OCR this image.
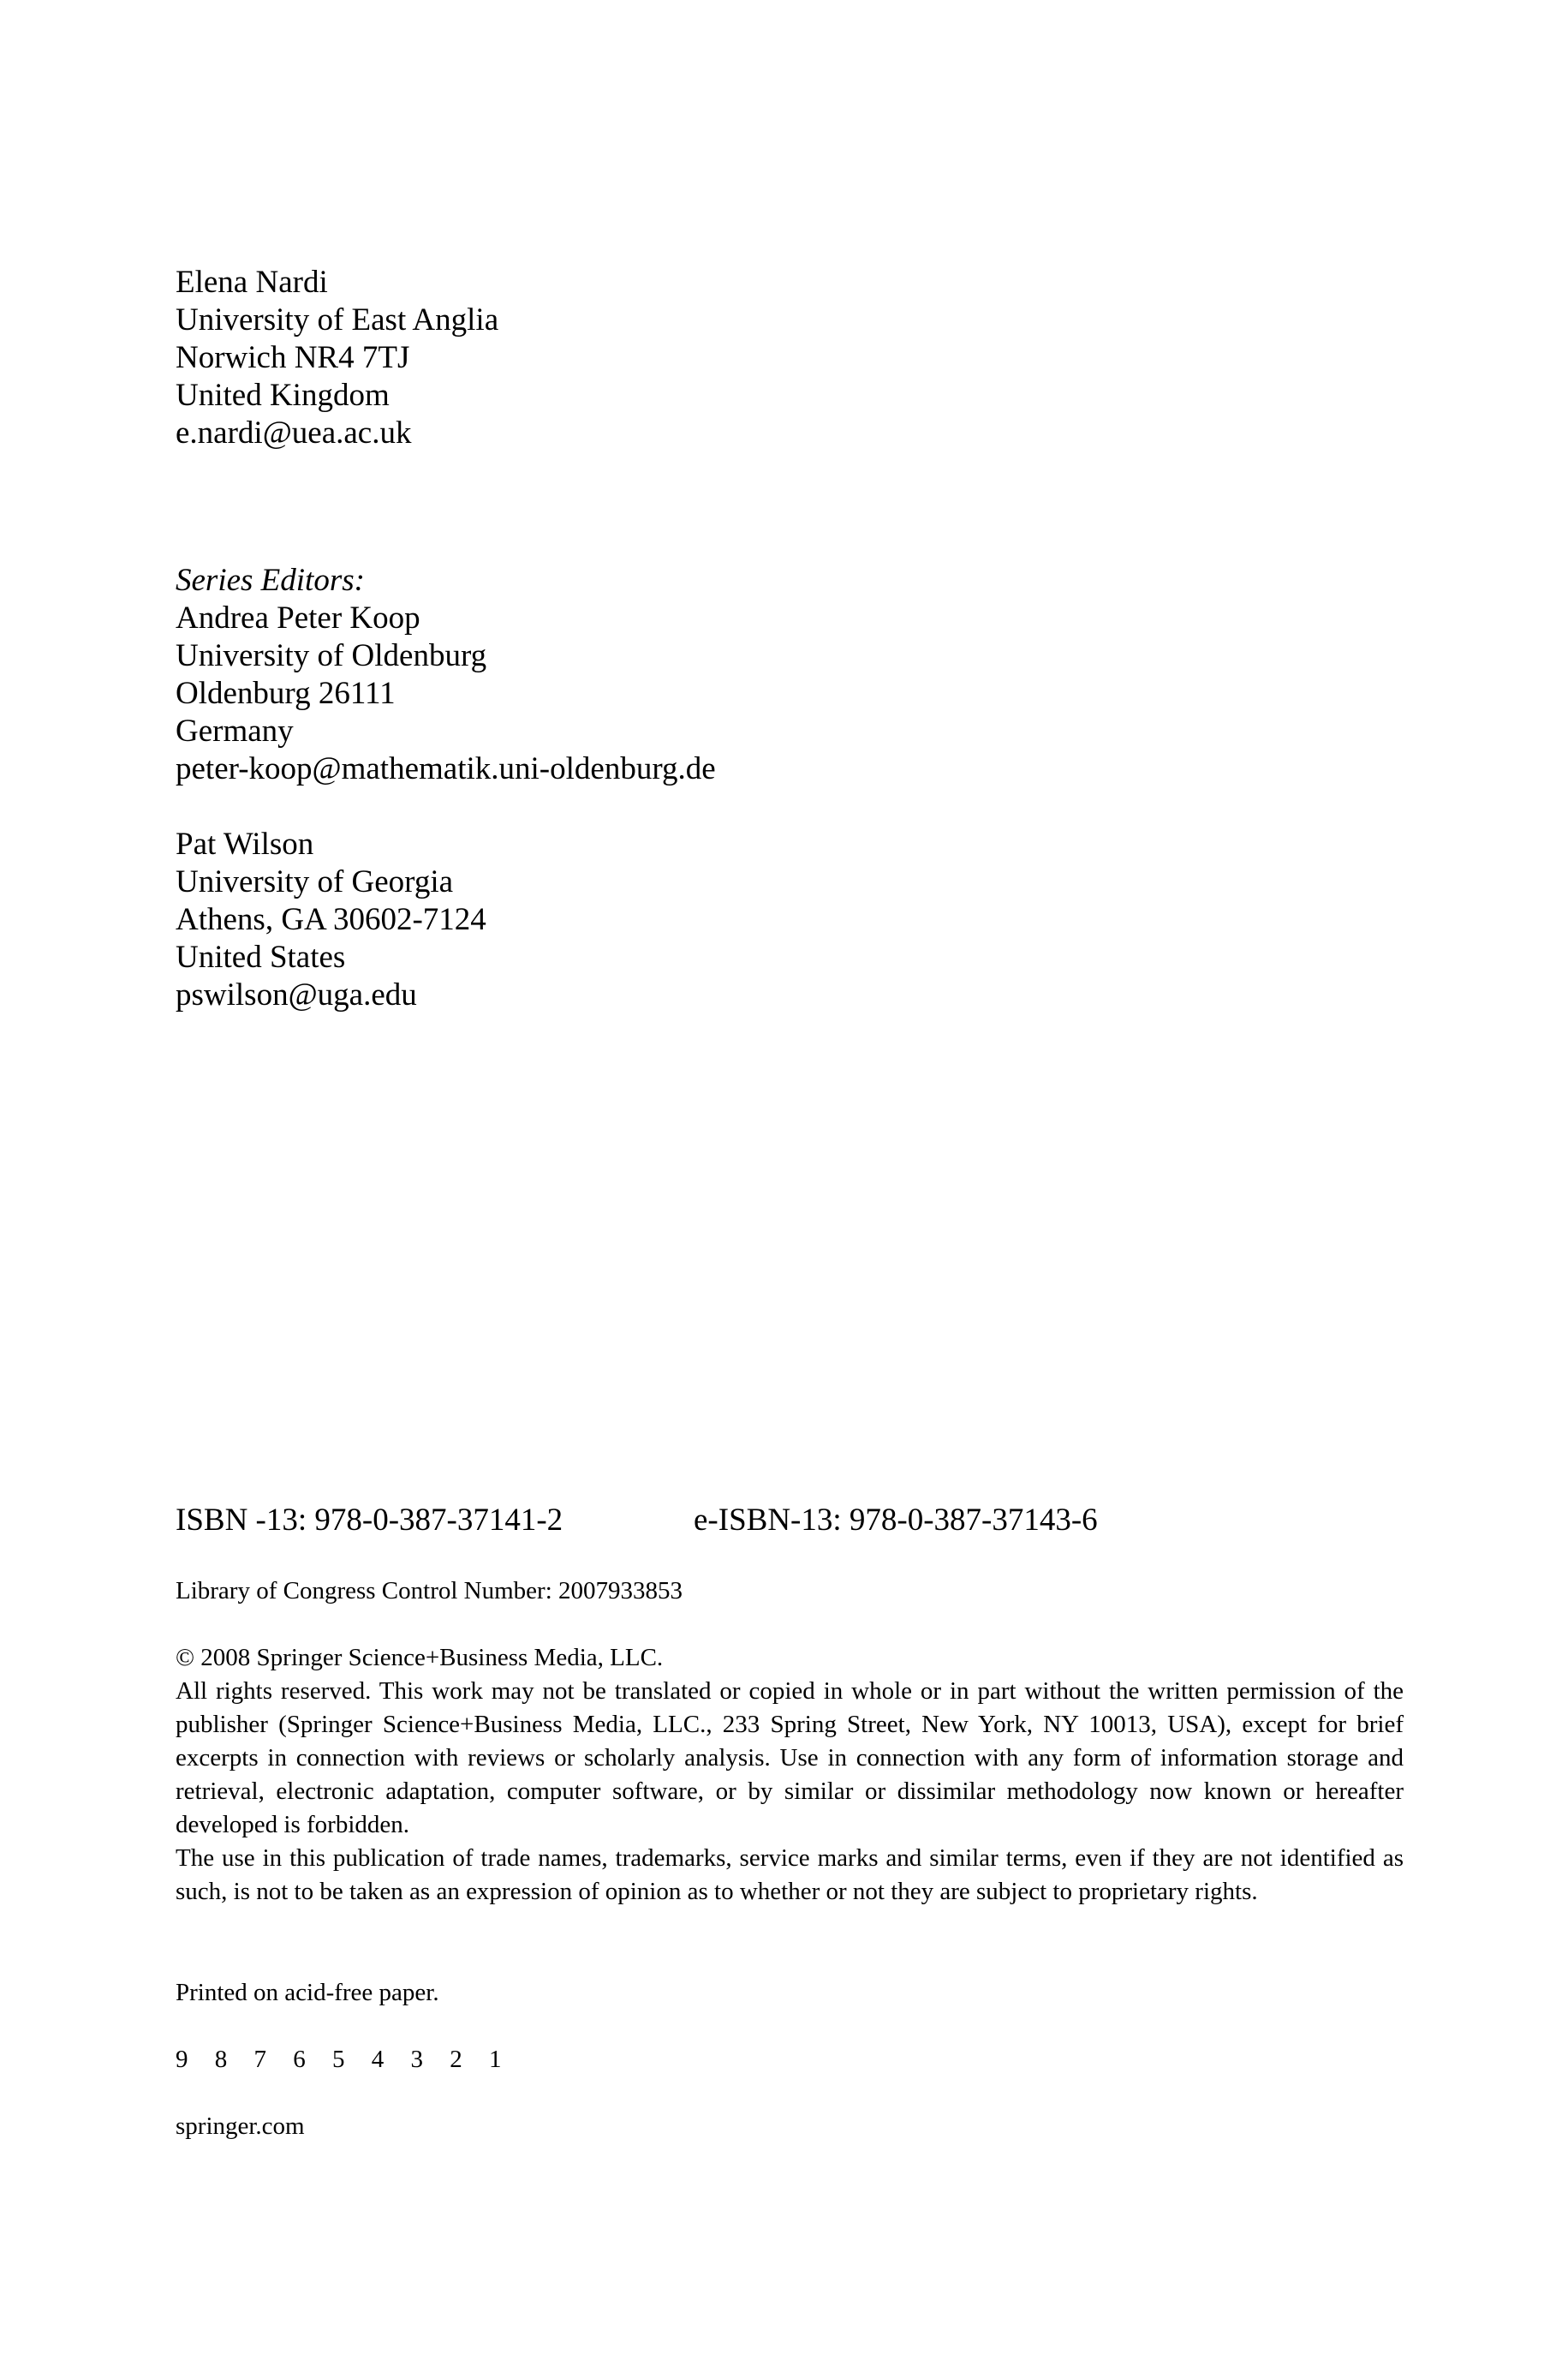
Elena Nardi
University of East Anglia
Norwich NR4 7TJ
United Kingdom
e.nardi@uea.ac.uk
Series Editors:
Andrea Peter Koop
University of Oldenburg
Oldenburg 26111
Germany
peter-koop@mathematik.uni-oldenburg.de
Pat Wilson
University of Georgia
Athens, GA 30602-7124
United States
pswilson@uga.edu
ISBN -13: 978-0-387-37141-2	e-ISBN-13: 978-0-387-37143-6
Library of Congress Control Number: 2007933853

© 2008 Springer Science+Business Media, LLC.

All rights reserved. This work may not be translated or copied in whole or in part without the written permission of the publisher (Springer Science+Business Media, LLC., 233 Spring Street, New York, NY 10013, USA), except for brief excerpts in connection with reviews or scholarly analysis. Use in connection with any form of information storage and retrieval, electronic adaptation, computer software, or by similar or dissimilar methodology now known or hereafter developed is forbidden.

The use in this publication of trade names, trademarks, service marks and similar terms, even if they are not identified as such, is not to be taken as an expression of opinion as to whether or not they are subject to proprietary rights.

Printed on acid-free paper.
9 8 7 6 5 4 3 2 1
springer.com
